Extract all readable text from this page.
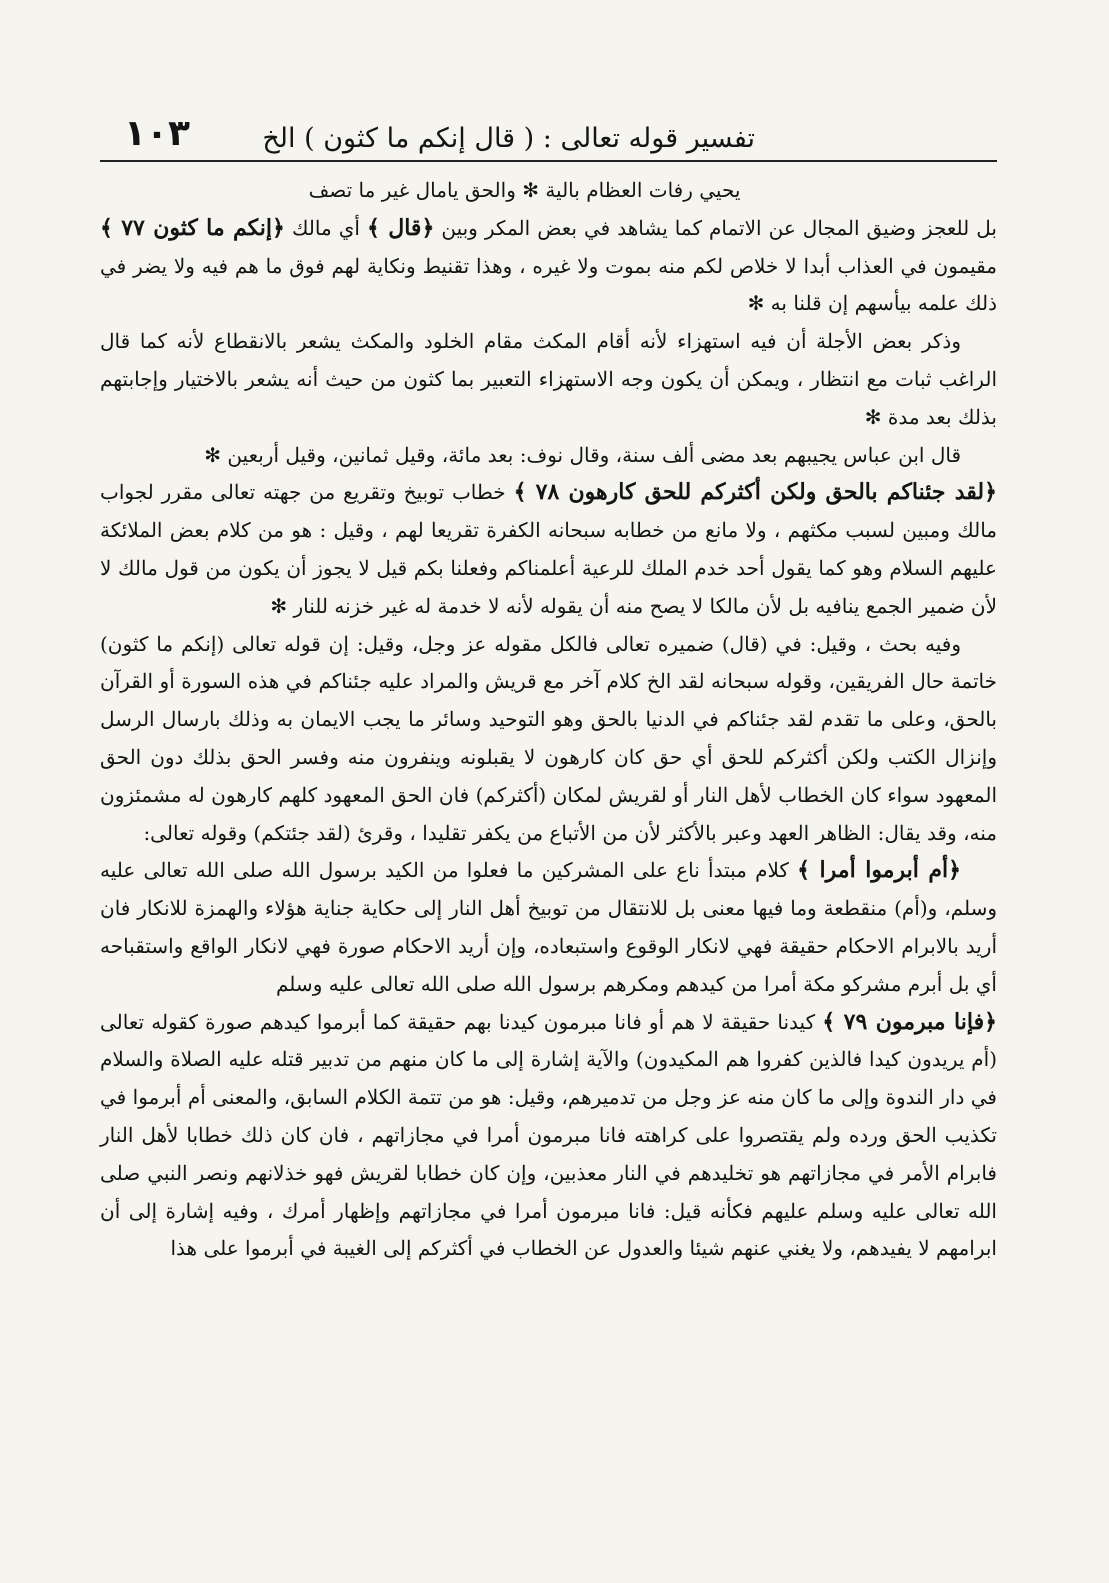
تفسير قوله تعالى : ( قال إنكم ما كثون ) الخ
١٠٣

يحيي رفات العظام بالية ✻ والحق يامال غير ما تصف

بل للعجز وضيق المجال عن الاتمام كما يشاهد في بعض المكر وبين ﴿ قال ﴾ أي مالك ﴿ إنكم ما كثون ٧٧ ﴾ مقيمون في العذاب أبدا لا خلاص لكم منه بموت ولا غيره ، وهذا تقنيط ونكاية لهم فوق ما هم فيه ولا يضر في ذلك علمه بيأسهم إن قلنا به ✻

وذكر بعض الأجلة أن فيه استهزاء لأنه أقام المكث مقام الخلود والمكث يشعر بالانقطاع لأنه كما قال الراغب ثبات مع انتظار ، ويمكن أن يكون وجه الاستهزاء التعبير بما كثون من حيث أنه يشعر بالاختيار وإجابتهم بذلك بعد مدة ✻

قال ابن عباس يجيبهم بعد مضى ألف سنة، وقال نوف: بعد مائة، وقيل ثمانين، وقيل أربعين ✻

﴿ لقد جئناكم بالحق ولكن أكثركم للحق كارهون ٧٨ ﴾ خطاب توبيخ وتقريع من جهته تعالى مقرر لجواب مالك ومبين لسبب مكثهم ، ولا مانع من خطابه سبحانه الكفرة تقريعا لهم ، وقيل : هو من كلام بعض الملائكة عليهم السلام وهو كما يقول أحد خدم الملك للرعية أعلمناكم وفعلنا بكم قيل لا يجوز أن يكون من قول مالك لا لأن ضمير الجمع ينافيه بل لأن مالكا لا يصح منه أن يقوله لأنه لا خدمة له غير خزنه للنار ✻

وفيه بحث ، وقيل: في (قال) ضميره تعالى فالكل مقوله عز وجل، وقيل: إن قوله تعالى (إنكم ما كثون) خاتمة حال الفريقين، وقوله سبحانه لقد الخ كلام آخر مع قريش والمراد عليه جئناكم في هذه السورة أو القرآن بالحق، وعلى ما تقدم لقد جئناكم في الدنيا بالحق وهو التوحيد وسائر ما يجب الايمان به وذلك بارسال الرسل وإنزال الكتب ولكن أكثركم للحق أي حق كان كارهون لا يقبلونه وينفرون منه وفسر الحق بذلك دون الحق المعهود سواء كان الخطاب لأهل النار أو لقريش لمكان (أكثركم) فان الحق المعهود كلهم كارهون له مشمئزون منه، وقد يقال: الظاهر العهد وعبر بالأكثر لأن من الأتباع من يكفر تقليدا ، وقرئ (لقد جئتكم) وقوله تعالى:

﴿ أم أبرموا أمرا ﴾ كلام مبتدأ ناع على المشركين ما فعلوا من الكيد برسول الله صلى الله تعالى عليه وسلم، و(أم) منقطعة وما فيها معنى بل للانتقال من توبيخ أهل النار إلى حكاية جناية هؤلاء والهمزة للانكار فان أريد بالابرام الاحكام حقيقة فهي لانكار الوقوع واستبعاده، وإن أريد الاحكام صورة فهي لانكار الواقع واستقباحه أي بل أبرم مشركو مكة أمرا من كيدهم ومكرهم برسول الله صلى الله تعالى عليه وسلم

﴿ فإنا مبرمون ٧٩ ﴾ كيدنا حقيقة لا هم أو فانا مبرمون كيدنا بهم حقيقة كما أبرموا كيدهم صورة كقوله تعالى (أم يريدون كيدا فالذين كفروا هم المكيدون) والآية إشارة إلى ما كان منهم من تدبير قتله عليه الصلاة والسلام في دار الندوة وإلى ما كان منه عز وجل من تدميرهم، وقيل: هو من تتمة الكلام السابق، والمعنى أم أبرموا في تكذيب الحق ورده ولم يقتصروا على كراهته فانا مبرمون أمرا في مجازاتهم ، فان كان ذلك خطابا لأهل النار فابرام الأمر في مجازاتهم هو تخليدهم في النار معذبين، وإن كان خطابا لقريش فهو خذلانهم ونصر النبي صلى الله تعالى عليه وسلم عليهم فكأنه قيل: فانا مبرمون أمرا في مجازاتهم وإظهار أمرك ، وفيه إشارة إلى أن ابرامهم لا يفيدهم، ولا يغني عنهم شيئا والعدول عن الخطاب في أكثركم إلى الغيبة في أبرموا على هذا
